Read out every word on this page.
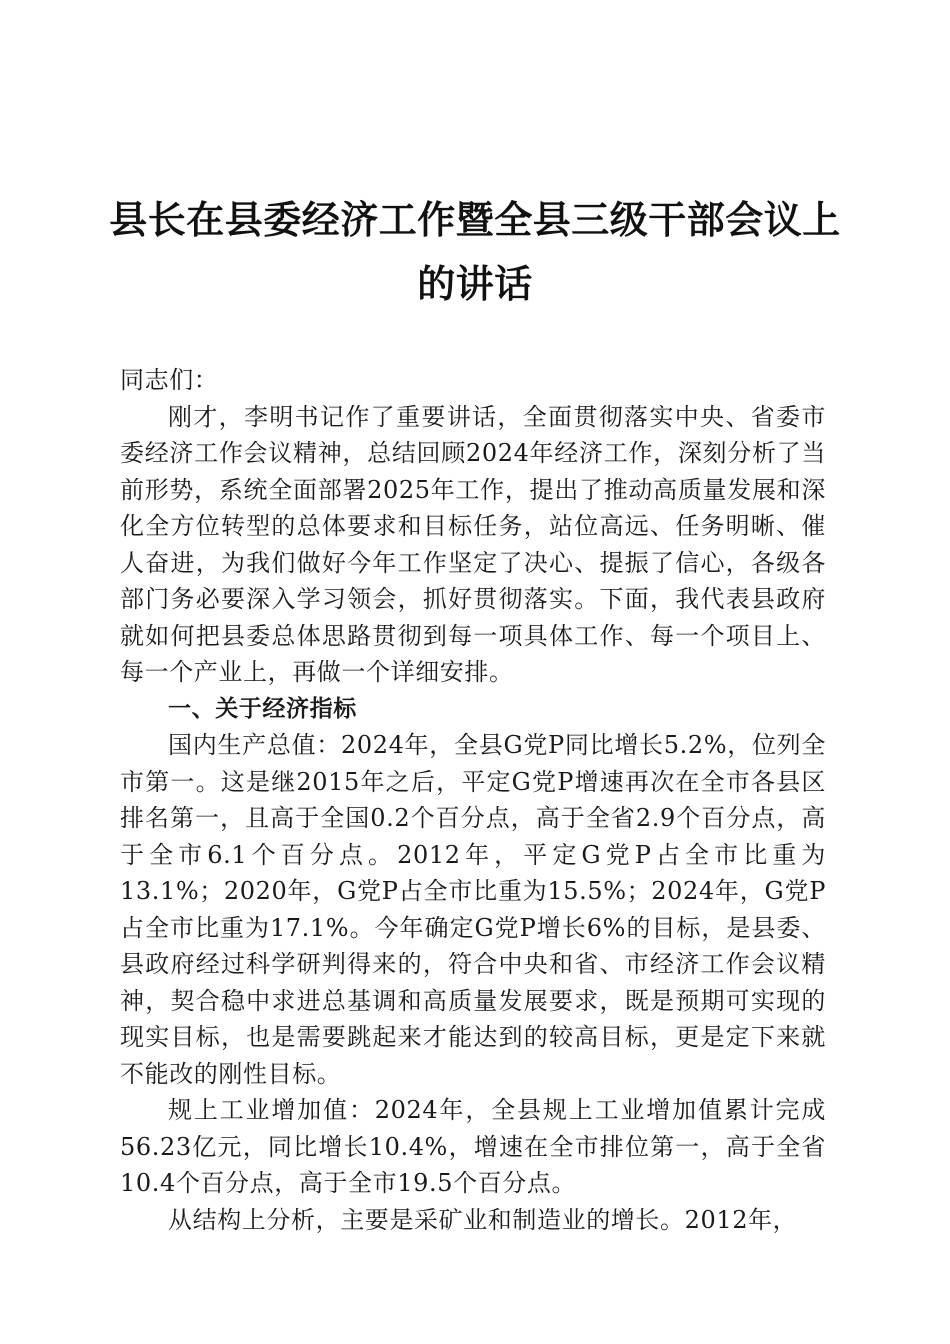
县长在县委经济工作暨全县三级干部会议上的讲话

同志们：

刚才，李明书记作了重要讲话，全面贯彻落实中央、省委市委经济工作会议精神，总结回顾2024年经济工作，深刻分析了当前形势，系统全面部署2025年工作，提出了推动高质量发展和深化全方位转型的总体要求和目标任务，站位高远、任务明晰、催人奋进，为我们做好今年工作坚定了决心、提振了信心，各级各部门务必要深入学习领会，抓好贯彻落实。下面，我代表县政府就如何把县委总体思路贯彻到每一项具体工作、每一个项目上、每一个产业上，再做一个详细安排。

一、关于经济指标

国内生产总值：2024年，全县G党P同比增长5.2%，位列全市第一。这是继2015年之后，平定G党P增速再次在全市各县区排名第一，且高于全国0.2个百分点，高于全省2.9个百分点，高于全市6.1个百分点。2012年，平定G党P占全市比重为13.1%；2020年，G党P占全市比重为15.5%；2024年，G党P占全市比重为17.1%。今年确定G党P增长6%的目标，是县委、县政府经过科学研判得来的，符合中央和省、市经济工作会议精神，契合稳中求进总基调和高质量发展要求，既是预期可实现的现实目标，也是需要跳起来才能达到的较高目标，更是定下来就不能改的刚性目标。

规上工业增加值：2024年，全县规上工业增加值累计完成56.23亿元，同比增长10.4%，增速在全市排位第一，高于全省10.4个百分点，高于全市19.5个百分点。

从结构上分析，主要是采矿业和制造业的增长。2012年，
